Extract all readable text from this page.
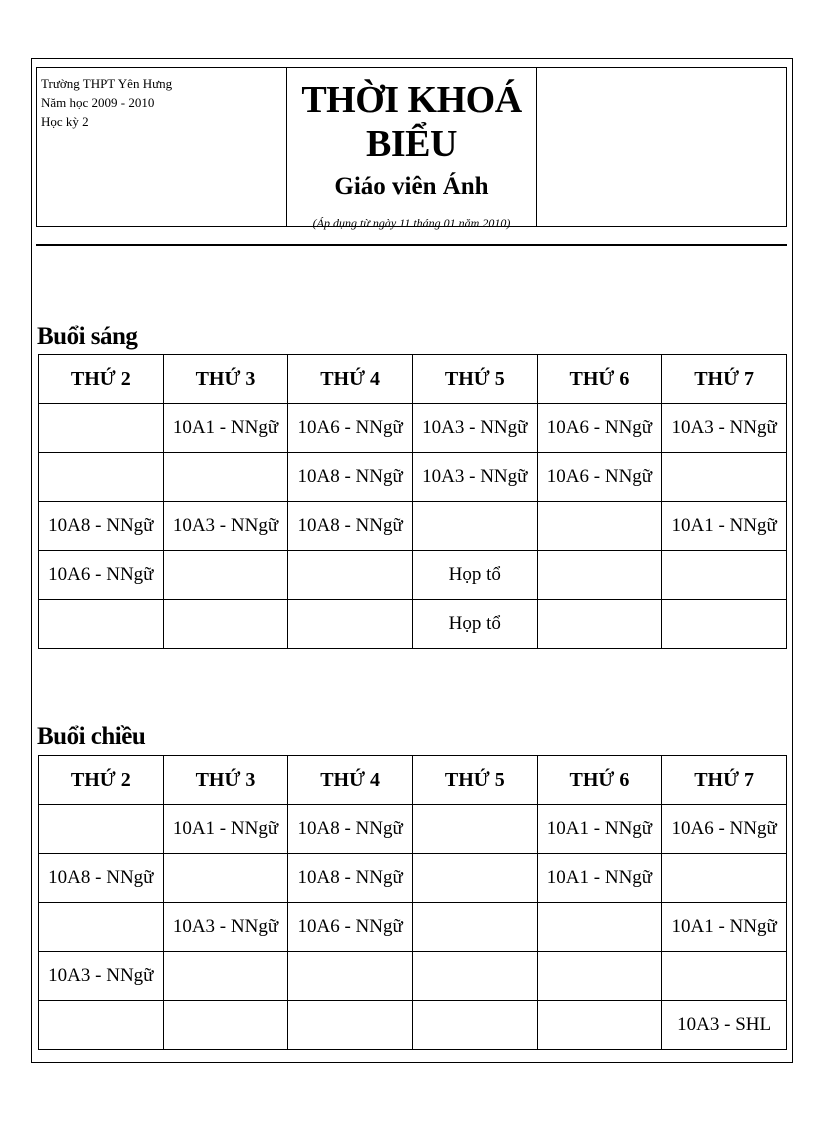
Trường THPT Yên Hưng
Năm học 2009 - 2010
Học kỳ 2
THỜI KHOÁ BIỂU
Giáo viên Ánh
(Áp dụng từ ngày 11 tháng 01 năm 2010)
Buổi sáng
THỨ 2	THỨ 3	THỨ 4	THỨ 5	THỨ 6	THỨ 7
	10A1 - NNgữ	10A6 - NNgữ	10A3 - NNgữ	10A6 - NNgữ	10A3 - NNgữ
		10A8 - NNgữ	10A3 - NNgữ	10A6 - NNgữ	
10A8 - NNgữ	10A3 - NNgữ	10A8 - NNgữ			10A1 - NNgữ
10A6 - NNgữ			Họp tổ		
			Họp tổ		
Buổi chiều
THỨ 2	THỨ 3	THỨ 4	THỨ 5	THỨ 6	THỨ 7
	10A1 - NNgữ	10A8 - NNgữ		10A1 - NNgữ	10A6 - NNgữ
10A8 - NNgữ		10A8 - NNgữ		10A1 - NNgữ	
	10A3 - NNgữ	10A6 - NNgữ			10A1 - NNgữ
10A3 - NNgữ					
					10A3 - SHL
